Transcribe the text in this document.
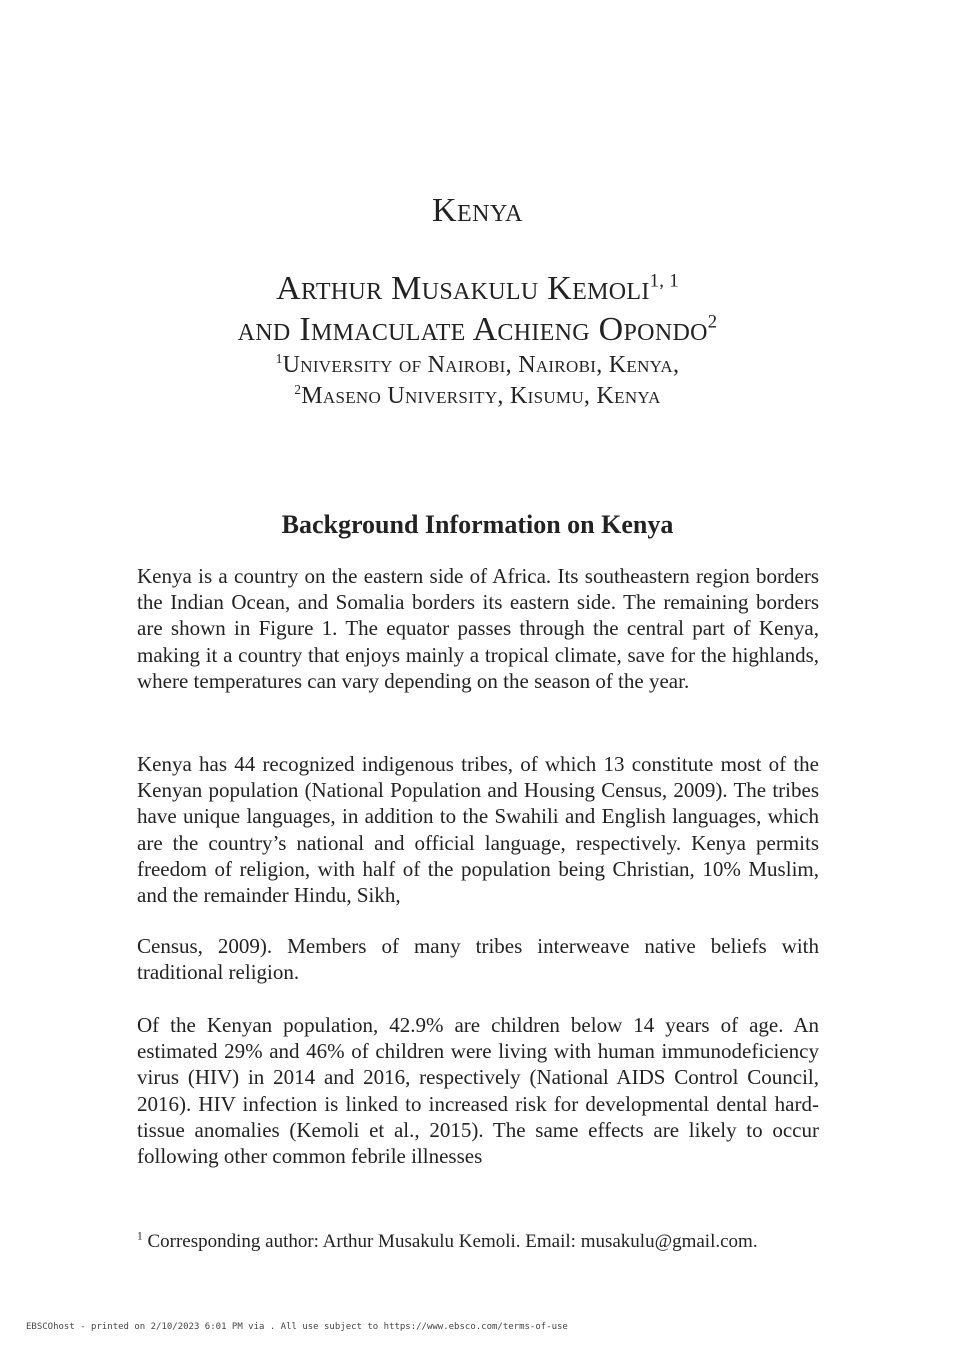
Kenya
Arthur Musakulu Kemoli$^{1, 1}$
and Immaculate Achieng Opondo$^2$
$^1$University of Nairobi, Nairobi, Kenya,
$^2$Maseno University, Kisumu, Kenya
Background Information on Kenya

Kenya is a country on the eastern side of Africa. Its southeastern region borders the Indian Ocean, and Somalia borders its eastern side. The remaining borders are shown in Figure 1. The equator passes through the central part of Kenya, making it a country that enjoys mainly a tropical climate, save for the highlands, where temperatures can vary depending on the season of the year.

Kenya has 44 recognized indigenous tribes, of which 13 constitute most of the Kenyan population (National Population and Housing Census, 2009). The tribes have unique languages, in addition to the Swahili and English languages, which are the country’s national and official language, respectively. Kenya permits freedom of religion, with half of the population being Christian, 10% Muslim, and the remainder Hindu, Sikh,

Census, 2009). Members of many tribes interweave native beliefs with traditional religion.

Of the Kenyan population, 42.9% are children below 14 years of age. An estimated 29% and 46% of children were living with human immunodeficiency virus (HIV) in 2014 and 2016, respectively (National AIDS Control Council, 2016). HIV infection is linked to increased risk for developmental dental hard-tissue anomalies (Kemoli et al., 2015). The same effects are likely to occur following other common febrile illnesses

$^1$ Corresponding author: Arthur Musakulu Kemoli. Email: musakulu@gmail.com.
EBSCOhost - printed on 2/10/2023 6:01 PM via . All use subject to https://www.ebsco.com/terms-of-use
